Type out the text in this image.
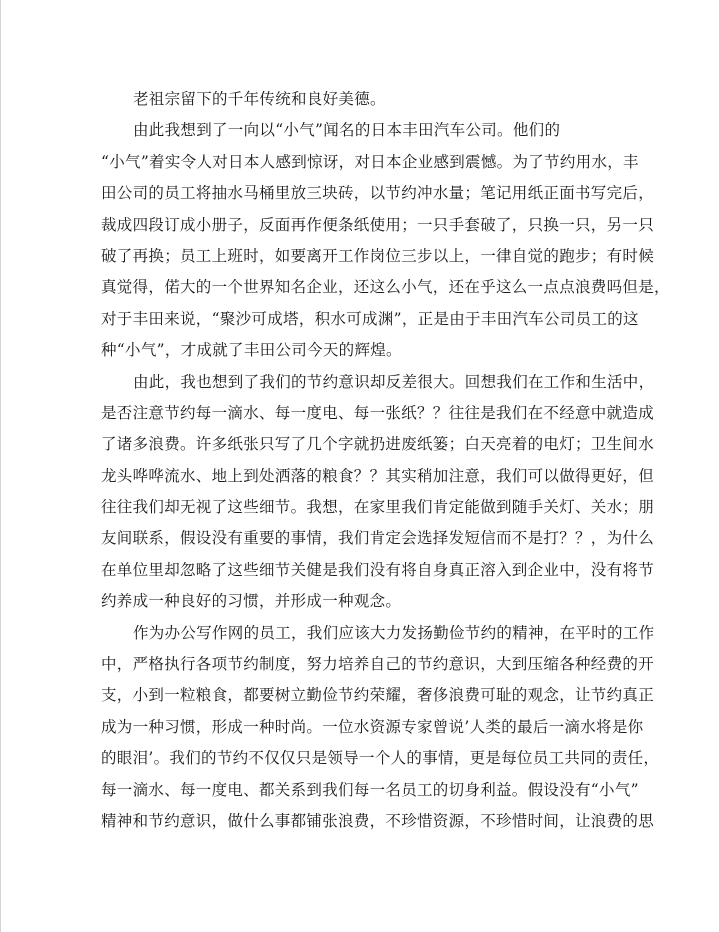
老祖宗留下的千年传统和良好美德。
由此我想到了一向以“小气”闻名的日本丰田汽车公司。他们的
“小气”着实令人对日本人感到惊讶，对日本企业感到震憾。为了节约用水，丰
田公司的员工将抽水马桶里放三块砖，以节约冲水量；笔记用纸正面书写完后，
裁成四段订成小册子，反面再作便条纸使用；一只手套破了，只换一只，另一只
破了再换；员工上班时，如要离开工作岗位三步以上，一律自觉的跑步；有时候
真觉得，偌大的一个世界知名企业，还这么小气，还在乎这么一点点浪费吗但是，
对于丰田来说，“聚沙可成塔，积水可成渊”，正是由于丰田汽车公司员工的这
种“小气”，才成就了丰田公司今天的辉煌。
由此，我也想到了我们的节约意识却反差很大。回想我们在工作和生活中，
是否注意节约每一滴水、每一度电、每一张纸？？往往是我们在不经意中就造成
了诸多浪费。许多纸张只写了几个字就扔进废纸篓；白天亮着的电灯；卫生间水
龙头哗哗流水、地上到处洒落的粮食？？其实稍加注意，我们可以做得更好，但
往往我们却无视了这些细节。我想，在家里我们肯定能做到随手关灯、关水；朋
友间联系，假设没有重要的事情，我们肯定会选择发短信而不是打？？，为什么
在单位里却忽略了这些细节关健是我们没有将自身真正溶入到企业中，没有将节
约养成一种良好的习惯，并形成一种观念。
作为办公写作网的员工，我们应该大力发扬勤俭节约的精神，在平时的工作
中，严格执行各项节约制度，努力培养自己的节约意识，大到压缩各种经费的开
支，小到一粒粮食，都要树立勤俭节约荣耀，奢侈浪费可耻的观念，让节约真正
成为一种习惯，形成一种时尚。一位水资源专家曾说’人类的最后一滴水将是你
的眼泪’。我们的节约不仅仅只是领导一个人的事情，更是每位员工共同的责任，
每一滴水、每一度电、都关系到我们每一名员工的切身利益。假设没有“小气”
精神和节约意识，做什么事都铺张浪费，不珍惜资源，不珍惜时间，让浪费的思
